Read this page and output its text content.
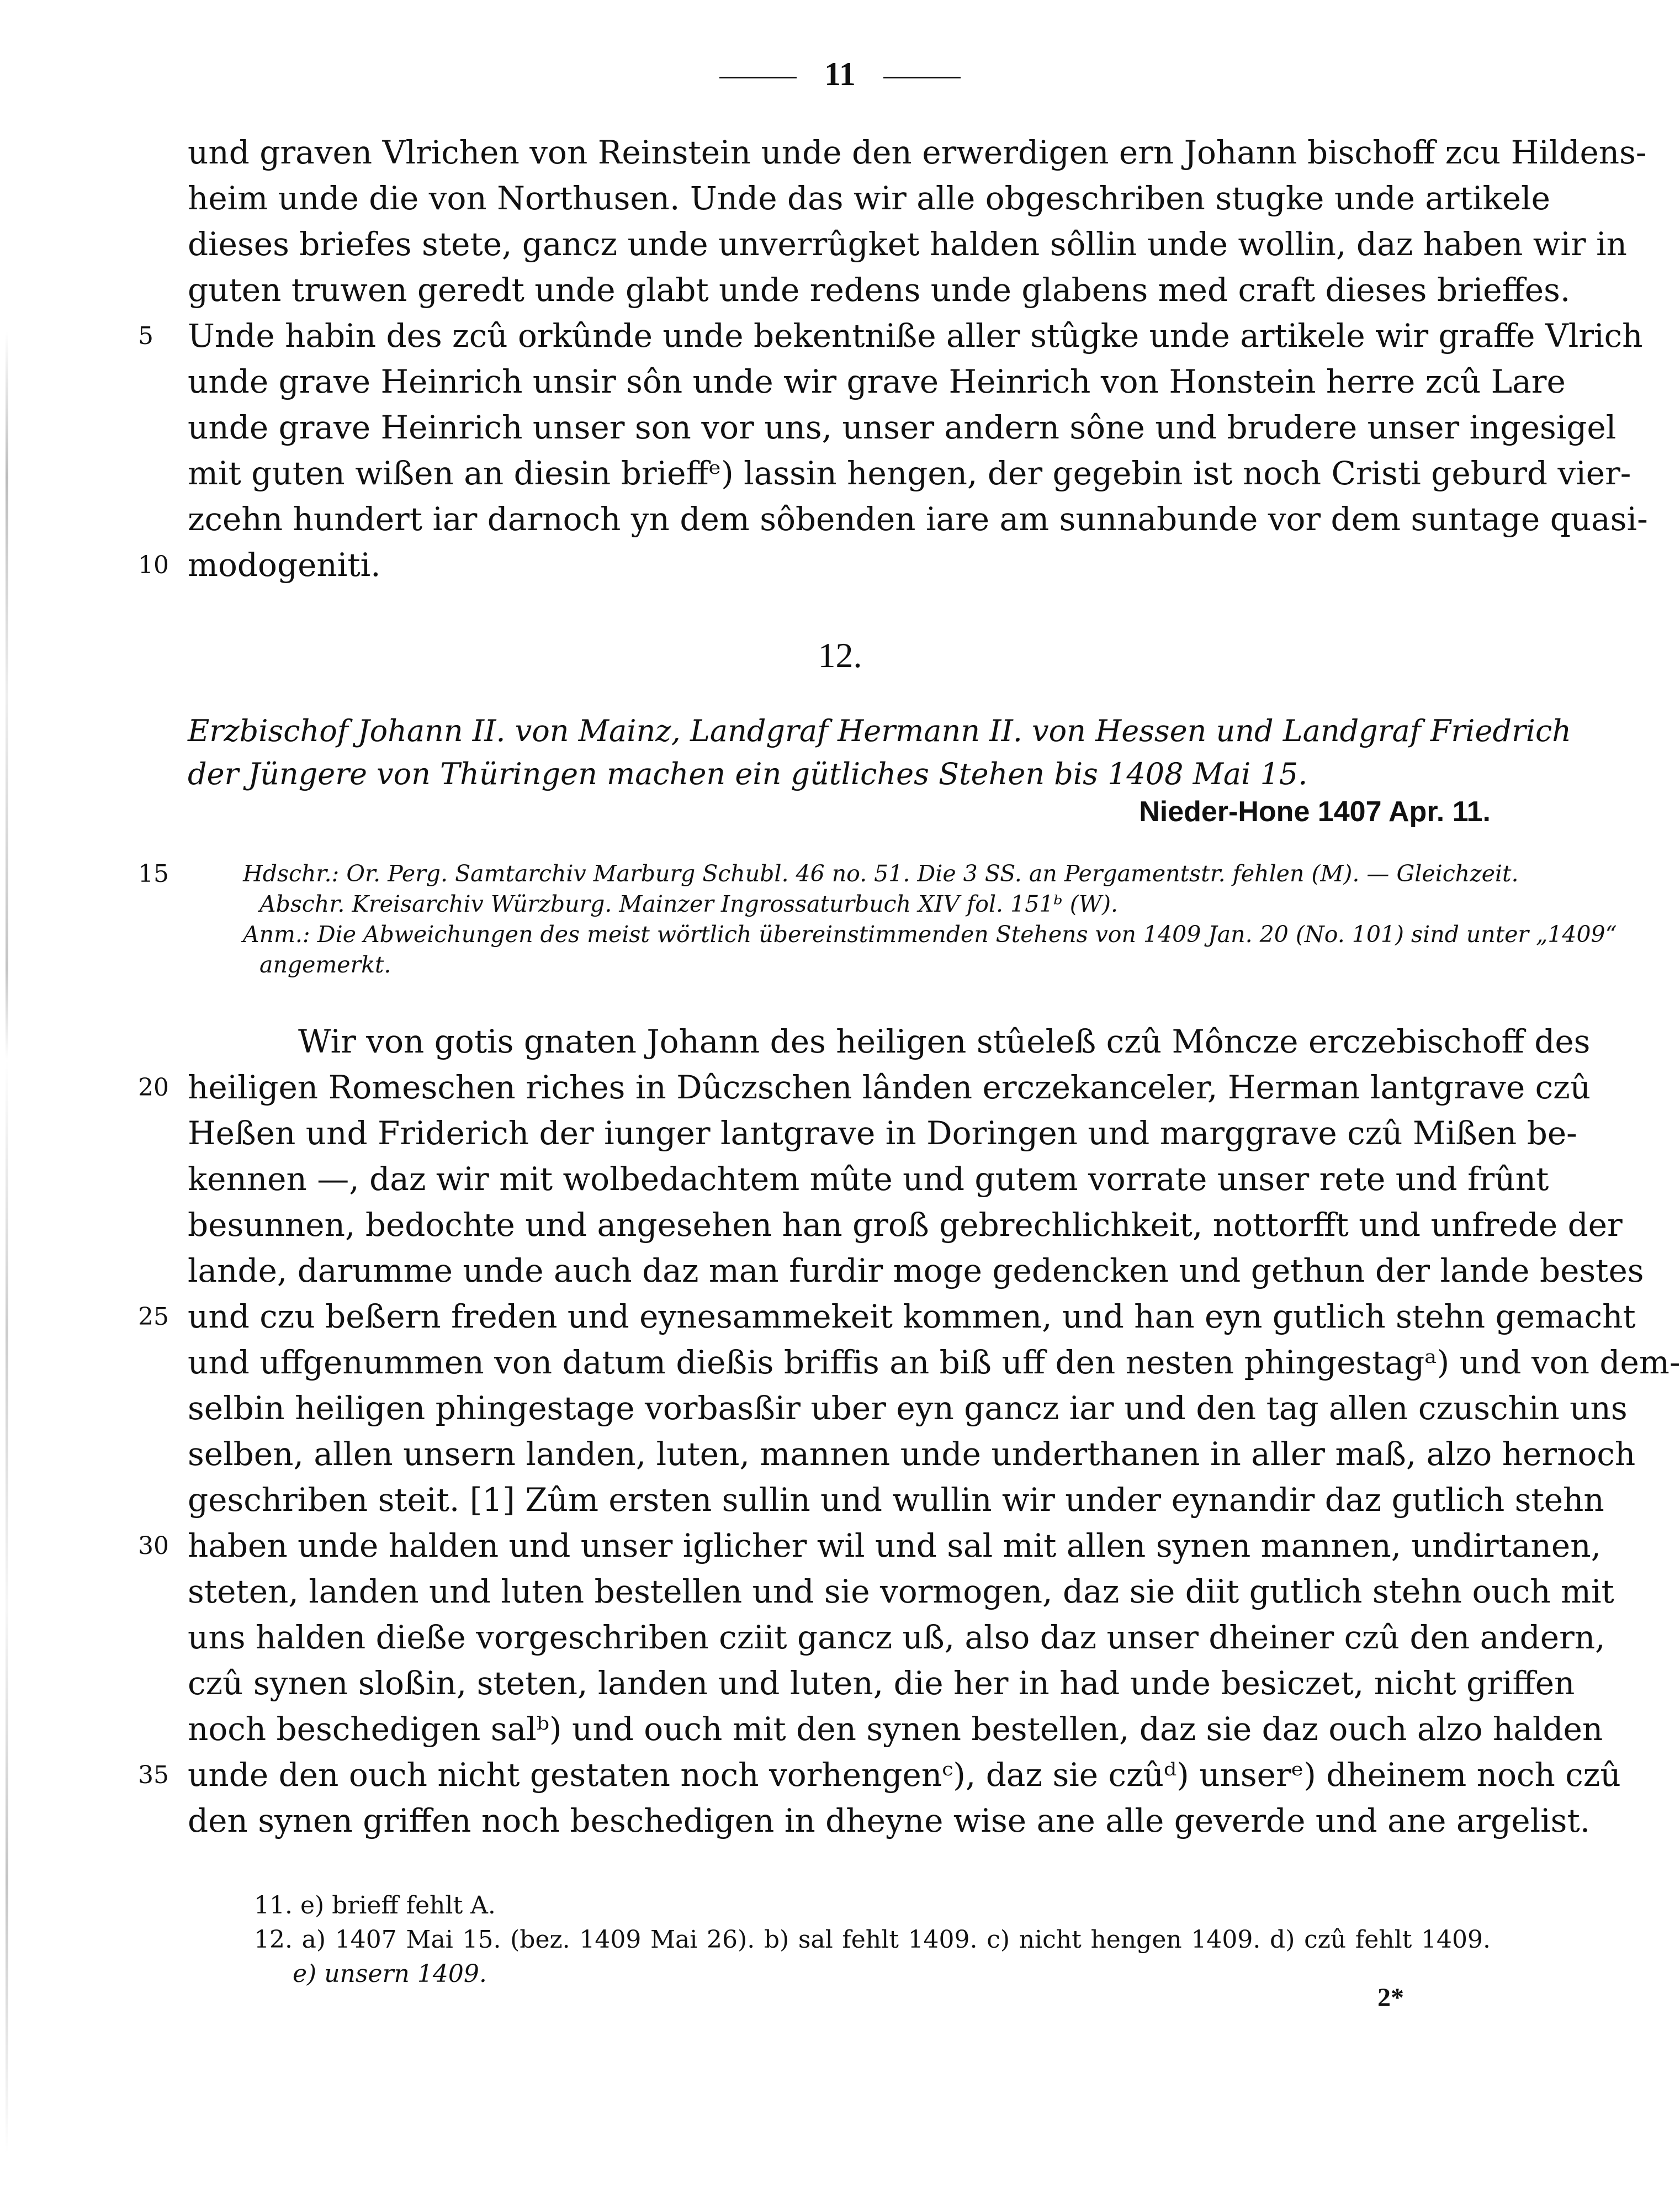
11
und graven Vlrichen von Reinstein unde den erwerdigen ern Johann bischoff zcu Hildens-
heim unde die von Northusen. Unde das wir alle obgeschriben stugke unde artikele
dieses briefes stete, gancz unde unverrûgket halden sôllin unde wollin, daz haben wir in
guten truwen geredt unde glabt unde redens unde glabens med craft dieses brieffes.
5	Unde habin des zcû orkûnde unde bekentniße aller stûgke unde artikele wir graffe Vlrich
unde grave Heinrich unsir sôn unde wir grave Heinrich von Honstein herre zcû Lare
unde grave Heinrich unser son vor uns, unser andern sône und brudere unser ingesigel
mit guten wißen an diesin brieffᵉ) lassin hengen, der gegebin ist noch Cristi geburd vier-
zcehn hundert iar darnoch yn dem sôbenden iare am sunnabunde vor dem suntage quasi-
10 modogeniti.
12.
Erzbischof Johann II. von Mainz, Landgraf Hermann II. von Hessen und Landgraf Friedrich
der Jüngere von Thüringen machen ein gütliches Stehen bis 1408 Mai 15.
Nieder-Hone 1407 Apr. 11.
15	Hdschr.: Or. Perg. Samtarchiv Marburg Schubl. 46 no. 51. Die 3 SS. an Pergamentstr. fehlen (M). — Gleichzeit.
Abschr. Kreisarchiv Würzburg. Mainzer Ingrossaturbuch XIV fol. 151ᵇ (W).
Anm.: Die Abweichungen des meist wörtlich übereinstimmenden Stehens von 1409 Jan. 20 (No. 101) sind unter „1409“
angemerkt.
Wir von gotis gnaten Johann des heiligen stûeleß czû Môncze erczebischoff des
20 heiligen Romeschen riches in Dûczschen lânden erczekanceler, Herman lantgrave czû
Heßen und Friderich der iunger lantgrave in Doringen und marggrave czû Mißen be-
kennen —, daz wir mit wolbedachtem mûte und gutem vorrate unser rete und frûnt
besunnen, bedochte und angesehen han groß gebrechlichkeit, nottorfft und unfrede der
lande, darumme unde auch daz man furdir moge gedencken und gethun der lande bestes
25 und czu beßern freden und eynesammekeit kommen, und han eyn gutlich stehn gemacht
und uffgenummen von datum dießis briffis an biß uff den nesten phingestagᵃ) und von dem-
selbin heiligen phingestage vorbasßir uber eyn gancz iar und den tag allen czuschin uns
selben, allen unsern landen, luten, mannen unde underthanen in aller maß, alzo hernoch
geschriben steit. [1] Zûm ersten sullin und wullin wir under eynandir daz gutlich stehn
30 haben unde halden und unser iglicher wil und sal mit allen synen mannen, undirtanen,
steten, landen und luten bestellen und sie vormogen, daz sie diit gutlich stehn ouch mit
uns halden dieße vorgeschriben cziit gancz uß, also daz unser dheiner czû den andern,
czû synen sloßin, steten, landen und luten, die her in had unde besiczet, nicht griffen
noch beschedigen salᵇ) und ouch mit den synen bestellen, daz sie daz ouch alzo halden
35 unde den ouch nicht gestaten noch vorhengenᶜ), daz sie czûᵈ) unserᵉ) dheinem noch czû
den synen griffen noch beschedigen in dheyne wise ane alle geverde und ane argelist.
11. e) brieff fehlt A.
12. a) 1407 Mai 15. (bez. 1409 Mai 26). b) sal fehlt 1409. c) nicht hengen 1409. d) czû fehlt 1409.
e) unsern 1409.
2*
